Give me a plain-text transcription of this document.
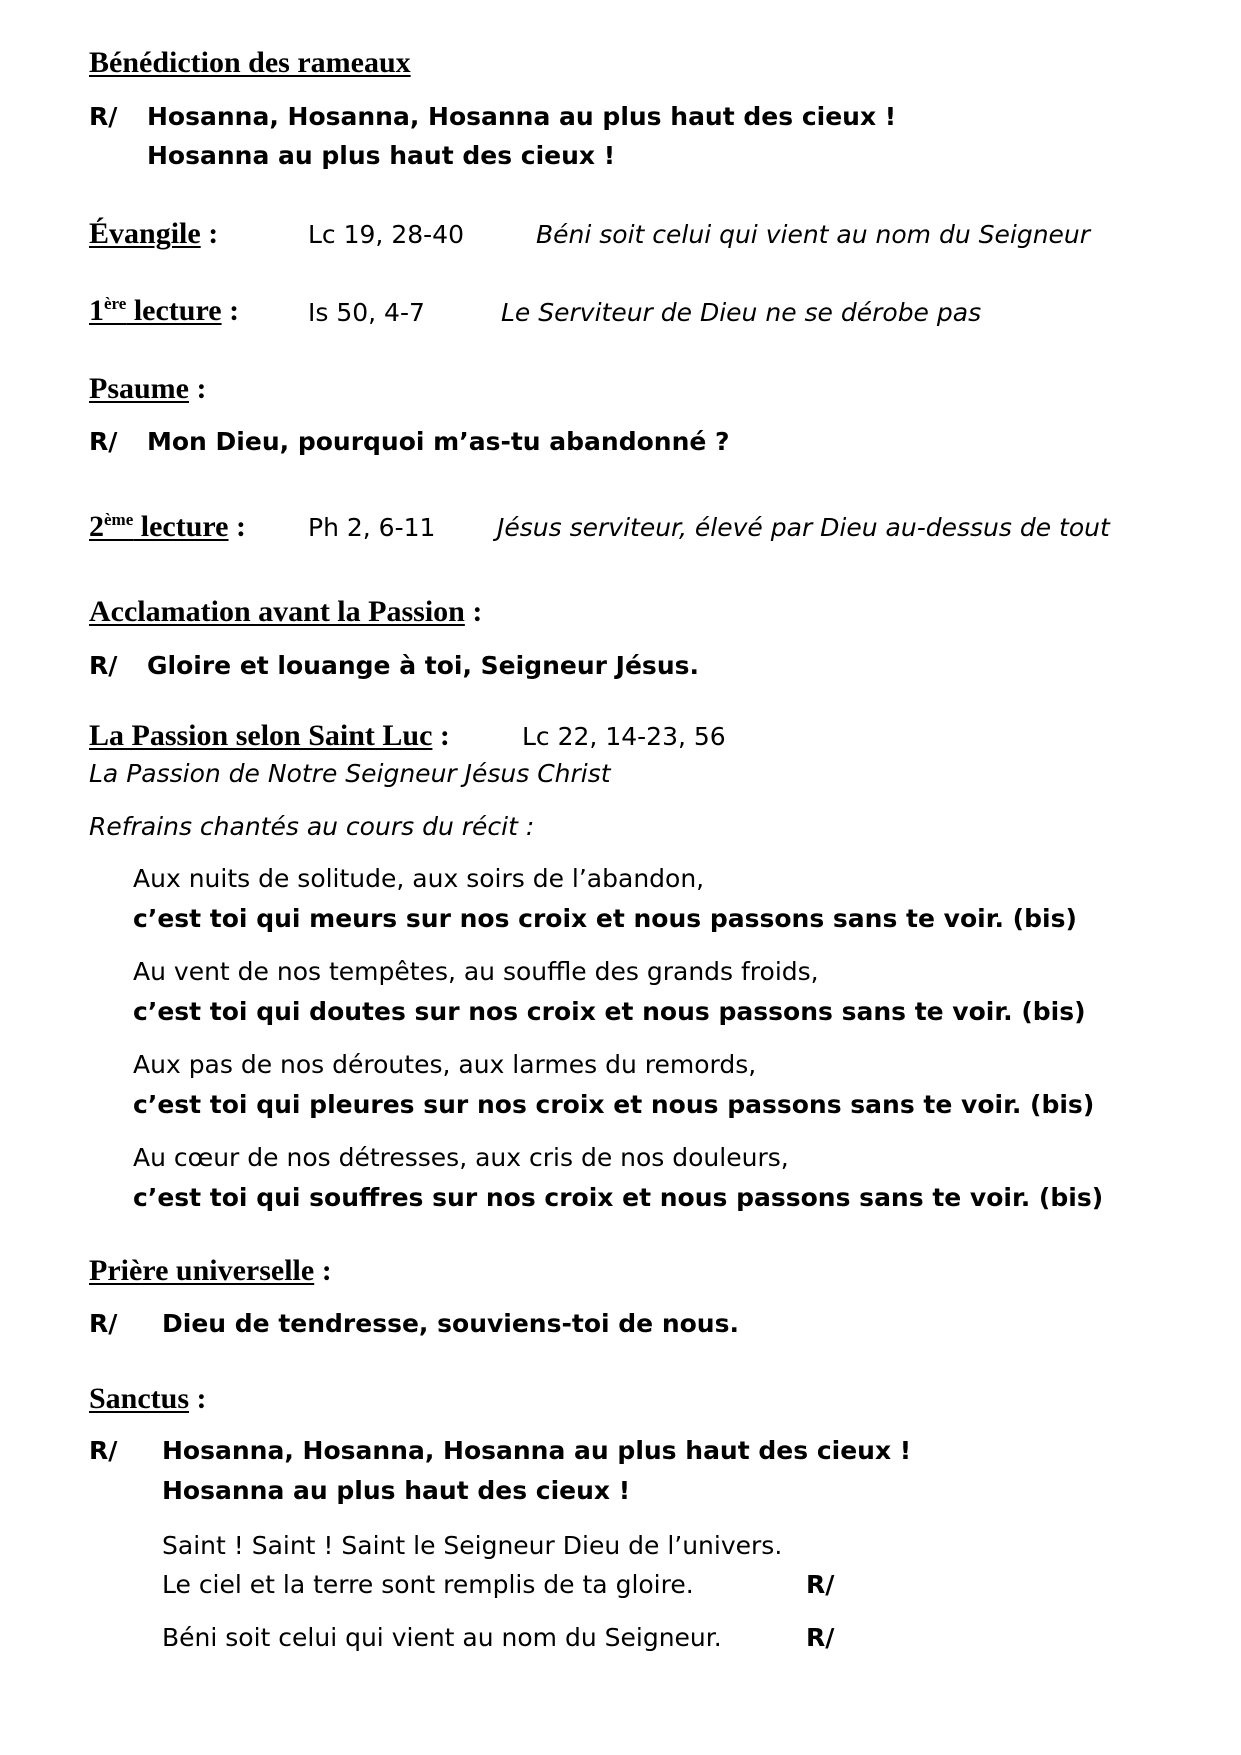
Bénédiction des rameaux
R/ Hosanna, Hosanna, Hosanna au plus haut des cieux !
Hosanna au plus haut des cieux !
Évangile :	Lc 19, 28-40	Béni soit celui qui vient au nom du Seigneur
1ère lecture :	Is 50, 4-7	Le Serviteur de Dieu ne se dérobe pas
Psaume :
R/ Mon Dieu, pourquoi m’as-tu abandonné ?
2ème lecture : Ph 2, 6-11 Jésus serviteur, élevé par Dieu au-dessus de tout
Acclamation avant la Passion :
R/ Gloire et louange à toi, Seigneur Jésus.
La Passion selon Saint Luc :	Lc 22, 14-23, 56
La Passion de Notre Seigneur Jésus Christ
Refrains chantés au cours du récit :
Aux nuits de solitude, aux soirs de l’abandon,
c’est toi qui meurs sur nos croix et nous passons sans te voir. (bis)
Au vent de nos tempêtes, au souffle des grands froids,
c’est toi qui doutes sur nos croix et nous passons sans te voir. (bis)
Aux pas de nos déroutes, aux larmes du remords,
c’est toi qui pleures sur nos croix et nous passons sans te voir. (bis)
Au cœur de nos détresses, aux cris de nos douleurs,
c’est toi qui souffres sur nos croix et nous passons sans te voir. (bis)
Prière universelle :
R/ Dieu de tendresse, souviens-toi de nous.
Sanctus :
R/ Hosanna, Hosanna, Hosanna au plus haut des cieux !
Hosanna au plus haut des cieux !
Saint ! Saint ! Saint le Seigneur Dieu de l’univers.
Le ciel et la terre sont remplis de ta gloire.	R/
Béni soit celui qui vient au nom du Seigneur.	R/
